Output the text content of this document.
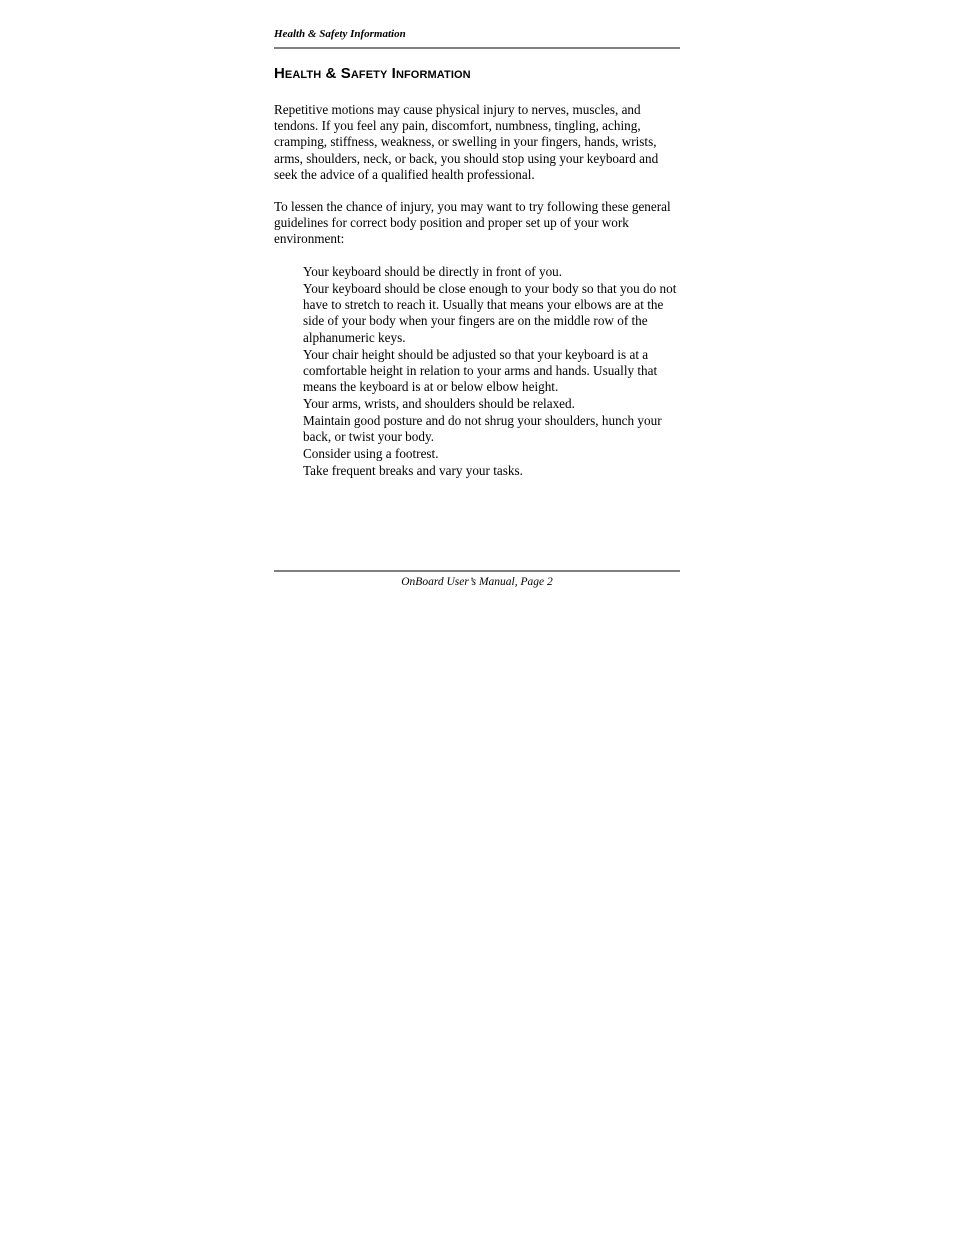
Health & Safety Information
Health & Safety Information

Repetitive motions may cause physical injury to nerves, muscles, and tendons. If you feel any pain, discomfort, numbness, tingling, aching, cramping, stiffness, weakness, or swelling in your fingers, hands, wrists, arms, shoulders, neck, or back, you should stop using your keyboard and seek the advice of a qualified health professional.

To lessen the chance of injury, you may want to try following these general guidelines for correct body position and proper set up of your work environment:

Your keyboard should be directly in front of you.
Your keyboard should be close enough to your body so that you do not have to stretch to reach it. Usually that means your elbows are at the side of your body when your fingers are on the middle row of the alphanumeric keys.
Your chair height should be adjusted so that your keyboard is at a comfortable height in relation to your arms and hands. Usually that means the keyboard is at or below elbow height.
Your arms, wrists, and shoulders should be relaxed.
Maintain good posture and do not shrug your shoulders, hunch your back, or twist your body.
Consider using a footrest.
Take frequent breaks and vary your tasks.
OnBoard User’s Manual, Page 2
